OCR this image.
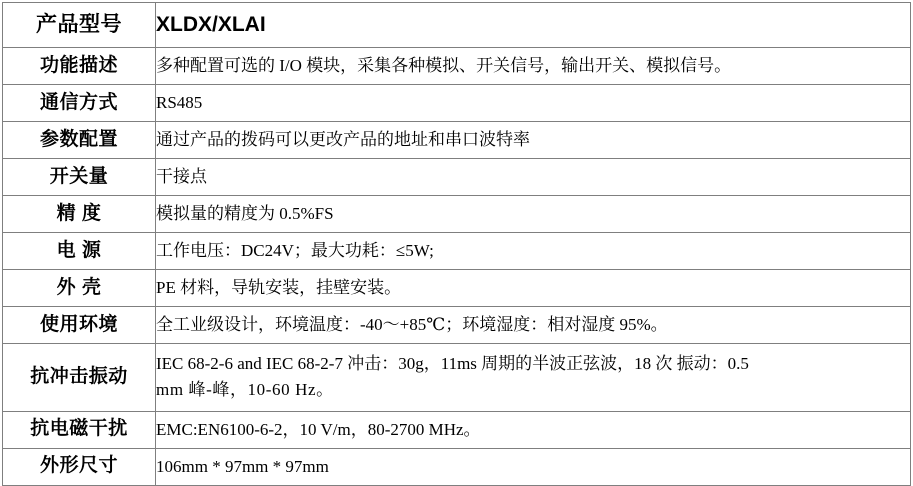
产品型号	XLDX/XLAI
功能描述	多种配置可选的 I/O 模块，采集各种模拟、开关信号，输出开关、模拟信号。
通信方式	RS485
参数配置	通过产品的拨码可以更改产品的地址和串口波特率
开关量	干接点
精 度	模拟量的精度为 0.5%FS
电 源	工作电压：DC24V；最大功耗：≤5W;
外 壳	PE 材料，导轨安装，挂壁安装。
使用环境	全工业级设计，环境温度：-40～+85℃；环境湿度：相对湿度 95%。
抗冲击振动	IEC 68-2-6 and IEC 68-2-7 冲击：30g，11ms 周期的半波正弦波，18 次 振动：0.5
mm 峰-峰，10-60 Hz。

抗电磁干扰	EMC:EN6100-6-2，10 V/m，80-2700 MHz。
外形尺寸	106mm * 97mm * 97mm
